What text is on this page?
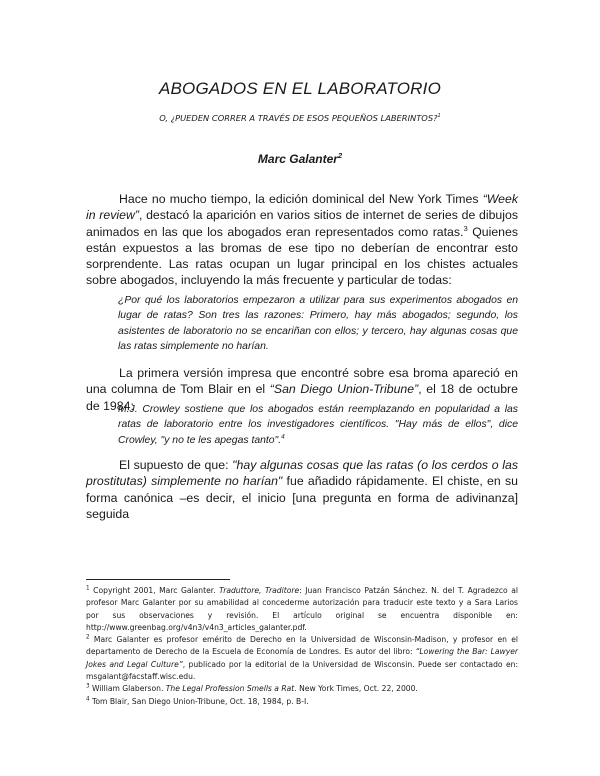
ABOGADOS EN EL LABORATORIO
O, ¿PUEDEN CORRER A TRAVÉS DE ESOS PEQUEÑOS LABERINTOS?$^1$
Marc Galanter$^2$

Hace no mucho tiempo, la edición dominical del New York Times “Week in review”, destacó la aparición en varios sitios de internet de series de dibujos animados en las que los abogados eran representados como ratas.$^3$ Quienes están expuestos a las bromas de ese tipo no deberían de encontrar esto sorprendente. Las ratas ocupan un lugar principal en los chistes actuales sobre abogados, incluyendo la más frecuente y particular de todas:

¿Por qué los laboratorios empezaron a utilizar para sus experimentos abogados en lugar de ratas? Son tres las razones: Primero, hay más abogados; segundo, los asistentes de laboratorio no se encariñan con ellos; y tercero, hay algunas cosas que las ratas simplemente no harían.

La primera versión impresa que encontré sobre esa broma apareció en una columna de Tom Blair en el “San Diego Union-Tribune”, el 18 de octubre de 1984:

M.J. Crowley sostiene que los abogados están reemplazando en popularidad a las ratas de laboratorio entre los investigadores científicos. "Hay más de ellos", dice Crowley, "y no te les apegas tanto".$^4$

El supuesto de que: "hay algunas cosas que las ratas (o los cerdos o las prostitutas) simplemente no harían" fue añadido rápidamente. El chiste, en su forma canónica –es decir, el inicio [una pregunta en forma de adivinanza] seguida

$^1$ Copyright 2001, Marc Galanter. Traduttore, Traditore: Juan Francisco Patzán Sánchez. N. del T. Agradezco al profesor Marc Galanter por su amabilidad al concederme autorización para traducir este texto y a Sara Larios por sus observaciones y revisión. El artículo original se encuentra disponible en: http://www.greenbag.org/v4n3/v4n3_articles_galanter.pdf.

$^2$ Marc Galanter es profesor emérito de Derecho en la Universidad de Wisconsin-Madison, y profesor en el departamento de Derecho de la Escuela de Economía de Londres. Es autor del libro: “Lowering the Bar: Lawyer Jokes and Legal Culture”, publicado por la editorial de la Universidad de Wisconsin. Puede ser contactado en: msgalant@facstaff.wisc.edu.

$^3$ William Glaberson. The Legal Profession Smells a Rat. New York Times, Oct. 22, 2000.

$^4$ Tom Blair, San Diego Union-Tribune, Oct. 18, 1984, p. B-I.
